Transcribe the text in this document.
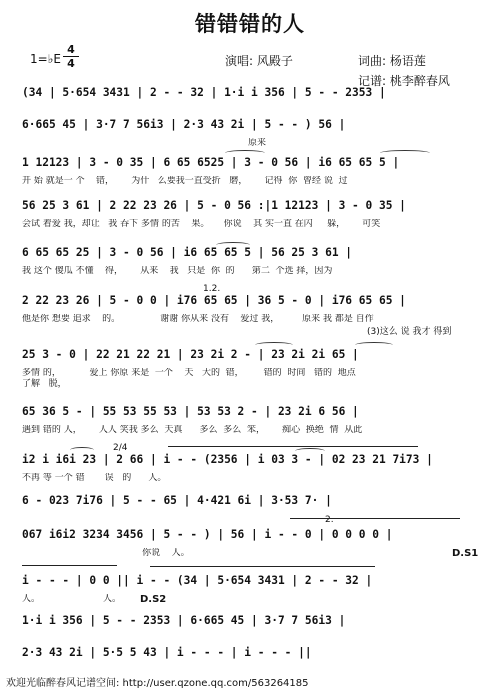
错错错的人
1=♭E
4
4	演唱: 风殿子	词曲: 杨语莲
记谱: 桃李醉春风
(34 | 5·654 3431 | 2 - - 32 | 1·i i 356 | 5 - - 2353 |
6·665 45 | 3·7 7 56i3 | 2·3 43 2i | 5 - - ) 56 |
原来
1 12123 | 3 - 0 35 | 6 65 6525 | 3 - 0 56 | i6 65 65 5 |
开 始 就是一 个    错，      为什   么要我一直受折   磨，      记得  你  曾经 说  过
56 25 3 61 | 2 22 23 26 | 5 - 0 56 :|1 12123 | 3 - 0 35 |
会试 着爱 我，却让   我 吞下 多情 的苦    果。     你说    其 实一直 在闪     躲，      可笑
6 65 65 25 | 3 - 0 56 | i6 65 65 5 | 56 25 3 61 |
我 这个 傻瓜 不懂    得，      从来    我   只是  你  的      第二  个选 择，因为
1.2.
2 22 23 26 | 5 - 0 0 | i76 65 65 | 36 5 - 0 | i76 65 65 |
他是你 想要 追求    的。              谢谢 你从来 没有    爱过 我，        原来 我 都是 自作
(3)这么 说 我才 得到
25 3 - 0 | 22 21 22 21 | 23 2i 2 - | 23 2i 2i 65 |
多情 的，          爱上 你原 来是  一个    天   大的  错，       错的  时间   错的  地点
了解   脱，
65 36 5 - | 55 53 55 53 | 53 53 2 - | 23 2i 6 56 |
遇到 错的 人，      人人 笑我 多么  天真      多么  多么  笨，      痴心  换绝  情  从此
2/4
i2 i i6i 23 | 2 66 | i - - (2356 | i 03 3 - | 02 23 21 7i73 |
不再 等 一个 错       误   的      人。
6 - 023 7i76 | 5 - - 65 | 4·421 6i | 3·53 7· |
2.
067 i6i2 3234 3456 | 5 - - ) | 56 | i - - 0 | 0 0 0 0 |
你说    人。	D.S1
i - - - | 0 0 || i - - (34 | 5·654 3431 | 2 - - 32 |
人。                      人。	D.S2
1·i i 356 | 5 - - 2353 | 6·665 45 | 3·7 7 56i3 |
2·3 43 2i | 5·5 5 43 | i - - - | i - - - ||
欢迎光临醉春风记谱空间: http://user.qzone.qq.com/563264185
